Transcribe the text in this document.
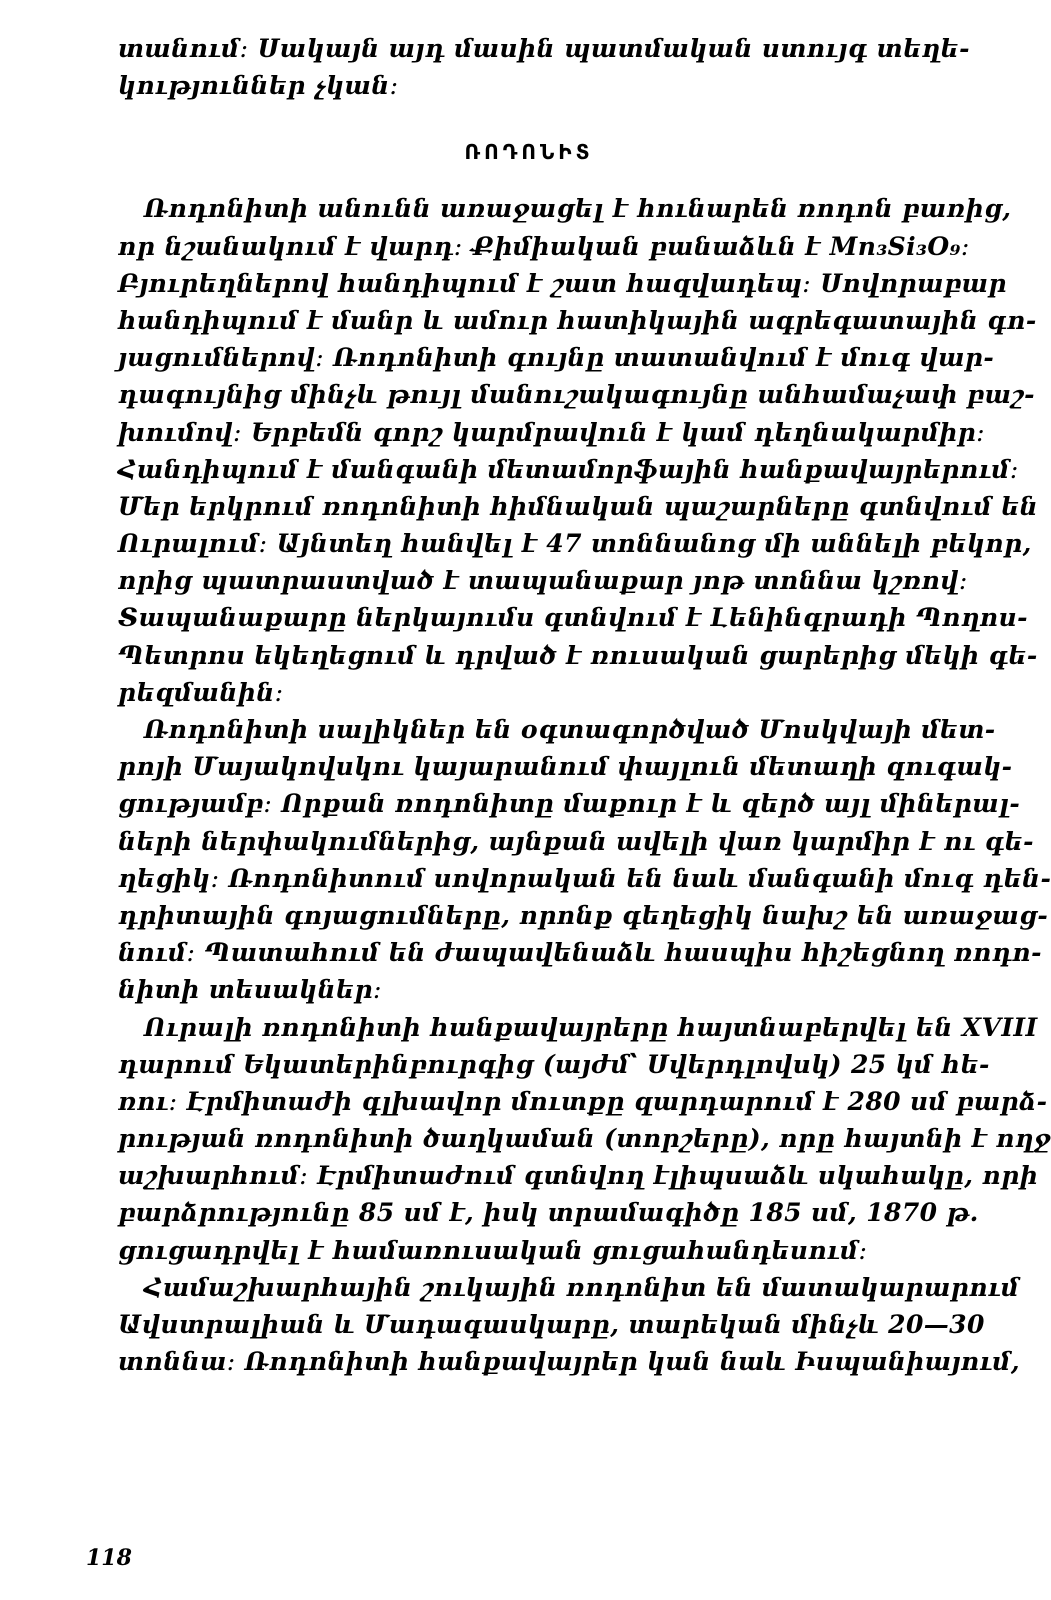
տանում։ Սակայն այդ մասին պատմական ստույգ տեղե-
կություններ չկան։
ՌՈԴՈՆԻՏ
Ռոդոնիտի անունն առաջացել է հունարեն ռոդոն բառից,
որ նշանակում է վարդ։ Քիմիական բանաձևն է Mn₃Si₃O₉։
Բյուրեղներով հանդիպում է շատ հազվադեպ։ Սովորաբար
հանդիպում է մանր և ամուր հատիկային ագրեգատային գո-
յացումներով։ Ռոդոնիտի գույնը տատանվում է մուգ վար-
դագույնից մինչև թույլ մանուշակագույնը անհամաչափ բաշ-
խումով։ Երբեմն գորշ կարմրավուն է կամ դեղնակարմիր։
Հանդիպում է մանգանի մետամորֆային հանքավայրերում։
Մեր երկրում ռոդոնիտի հիմնական պաշարները գտնվում են
Ուրալում։ Այնտեղ հանվել է 47 տոննանոց մի աննելի բեկոր,
որից պատրաստված է տապանաքար յոթ տոննա կշռով։
Տապանաքարը ներկայումս գտնվում է Լենինգրադի Պողոս-
Պետրոս եկեղեցում և դրված է ռուսական ցարերից մեկի գե-
րեզմանին։
Ռոդոնիտի սալիկներ են օգտագործված Մոսկվայի մետ-
րոյի Մայակովսկու կայարանում փայլուն մետաղի զուգակ-
ցությամբ։ Որքան ռոդոնիտը մաքուր է և զերծ այլ միներալ-
ների ներփակումներից, այնքան ավելի վառ կարմիր է ու գե-
ղեցիկ։ Ռոդոնիտում սովորական են նաև մանգանի մուգ դեն-
դրիտային գոյացումները, որոնք գեղեցիկ նախշ են առաջաց-
նում։ Պատահում են ժապավենաձև հասպիս հիշեցնող ռոդո-
նիտի տեսակներ։
Ուրալի ռոդոնիտի հանքավայրերը հայտնաբերվել են XVIII
դարում Եկատերինբուրգից (այժմ՝ Սվերդլովսկ) 25 կմ հե-
ռու։ Էրմիտաժի գլխավոր մուտքը զարդարում է 280 սմ բարձ-
րության ռոդոնիտի ծաղկաման (տորշերը), որը հայտնի է ողջ
աշխարհում։ Էրմիտաժում գտնվող էլիպսաձև սկահակը, որի
բարձրությունը 85 սմ է, իսկ տրամագիծը 185 սմ, 1870 թ.
ցուցադրվել է համառուսական ցուցահանդեսում։
Համաշխարհային շուկային ռոդոնիտ են մատակարարում
Ավստրալիան և Մադագասկարը, տարեկան մինչև 20—30
տոննա։ Ռոդոնիտի հանքավայրեր կան նաև Իսպանիայում,
118
